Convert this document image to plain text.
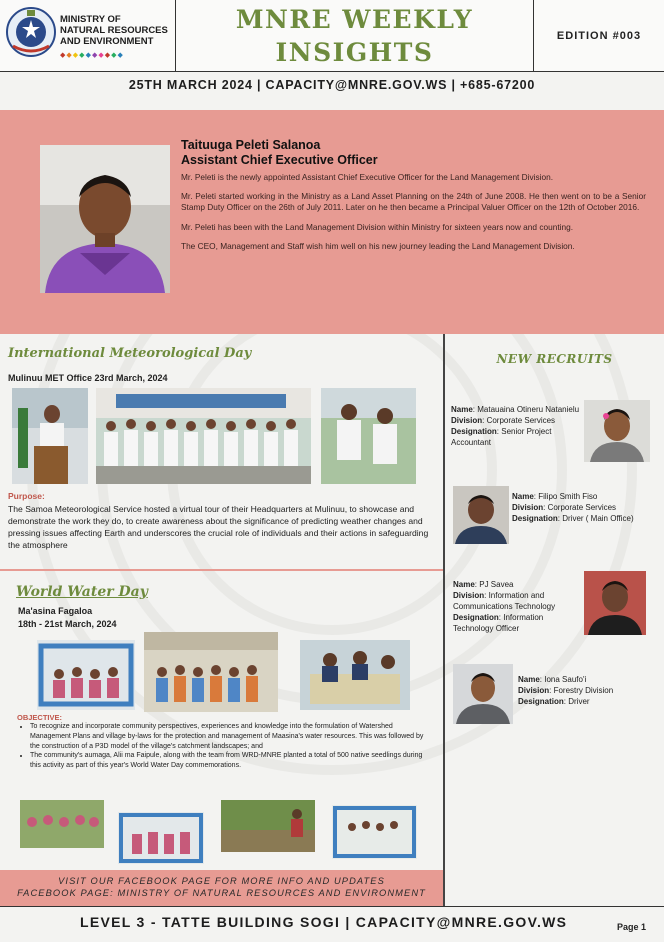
MINISTRY OF
NATURAL RESOURCES
AND ENVIRONMENT
◆◆◆◆◆◆◆◆◆◆
MNRE WEEKLY
INSIGHTS
EDITION #003
25TH MARCH 2024 | CAPACITY@MNRE.GOV.WS | +685-67200
Taituuga Peleti Salanoa
Assistant Chief Executive Officer

Mr. Peleti is the newly appointed Assistant Chief Executive Officer for the Land Management Division.

Mr. Peleti started working in the Ministry as a Land Asset Planning on the 24th of June 2008. He then went on to be a Senior Stamp Duty Officer on the 26th of July 2011. Later on he then became a Principal Valuer Officer on the 12th of October 2016.

Mr. Peleti has been with the Land Management Division within Ministry for sixteen years now and counting.

The CEO, Management and Staff wish him well on his new journey leading the Land Management Division.

International Meteorological Day
Mulinuu MET Office 23rd March, 2024
Purpose:
The Samoa Meteorological Service hosted a virtual tour of their Headquarters at Mulinuu, to showcase and demonstrate the work they do, to create awareness about the significance of predicting weather changes and pressing issues affecting Earth and underscores the crucial role of individuals and their actions in safeguarding the atmosphere
World Water Day
Ma'asina Fagaloa
18th - 21st March, 2024
OBJECTIVE:
• To recognize and incorporate community perspectives, experiences and knowledge into the formulation of Watershed Management Plans and village by-laws for the protection and management of Maasina's water resources. This was followed by the construction of a P3D model of the village's catchment landscapes; and
• The community's aumaga, Alii ma Faipule, along with the team from WRD-MNRE planted a total of 500 native seedlings during this activity as part of this year's World Water Day commemorations.
VISIT OUR FACEBOOK PAGE FOR MORE INFO AND UPDATES
FACEBOOK PAGE: MINISTRY OF NATURAL RESOURCES AND ENVIRONMENT
NEW RECRUITS
Name: Matauaina Otineru Natanielu
Division: Corporate Services
Designation: Senior Project Accountant
Name: Filipo Smith Fiso
Division: Corporate Services
Designation: Driver ( Main Office)
Name: PJ Savea
Division: Information and Communications Technology
Designation: Information Technology Officer
Name: Iona Saufo'i
Division: Forestry Division
Designation: Driver
LEVEL 3 - TATTE BUILDING SOGI | CAPACITY@MNRE.GOV.WS	Page 1
